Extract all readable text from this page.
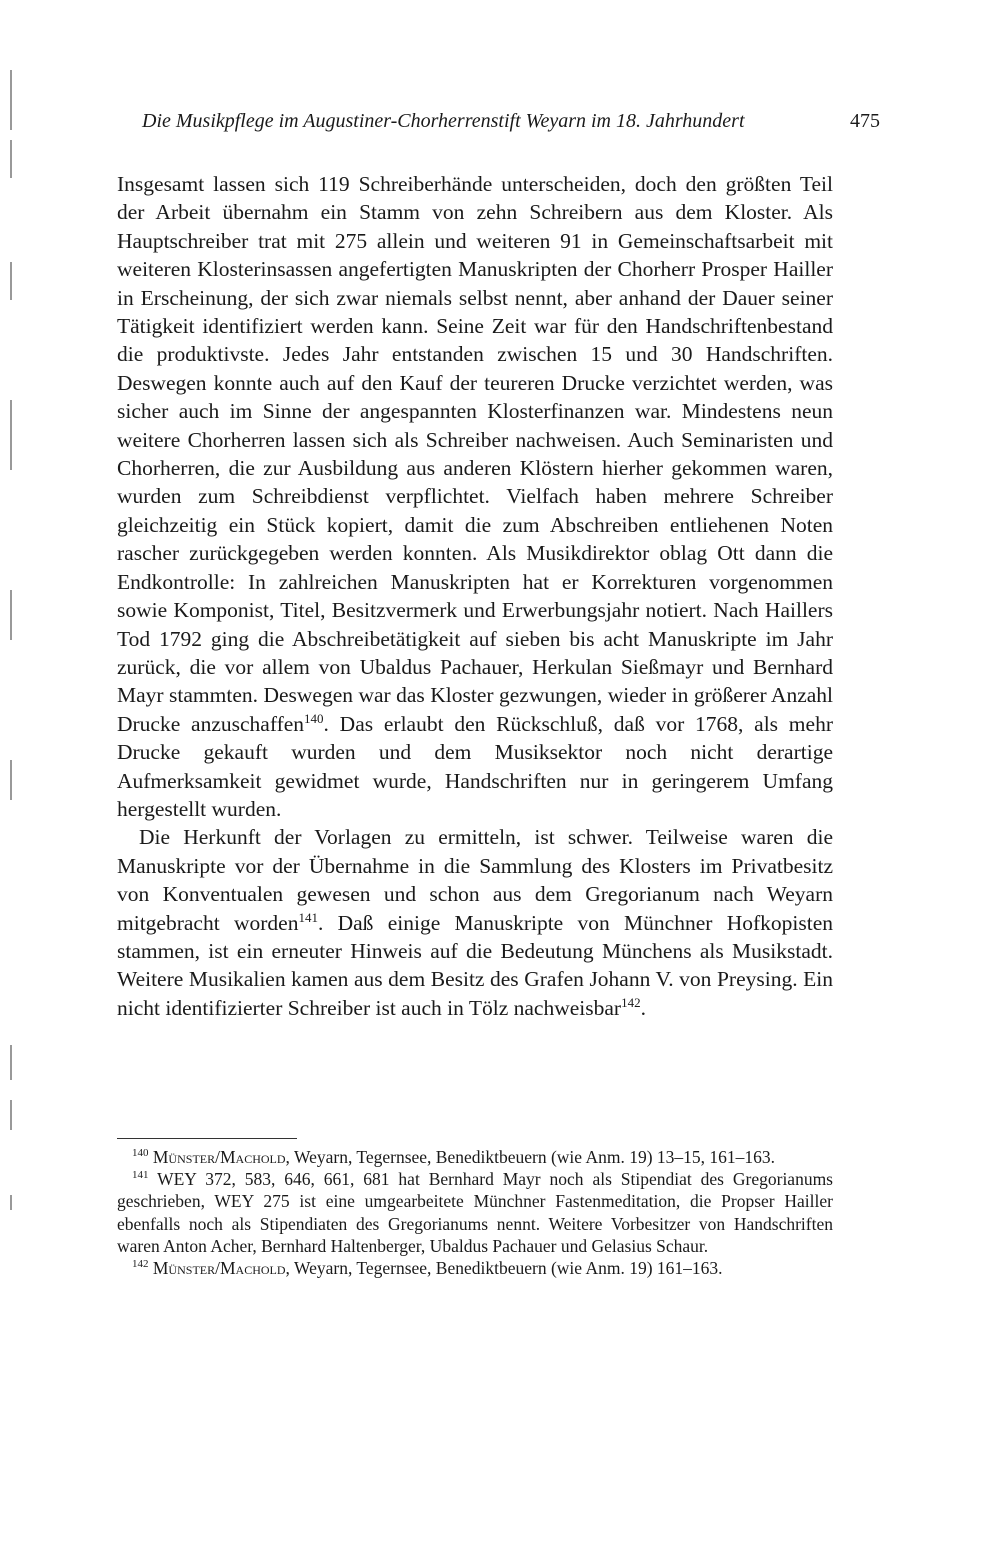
Die Musikpflege im Augustiner-Chorherrenstift Weyarn im 18. Jahrhundert	475

Insgesamt lassen sich 119 Schreiberhände unterscheiden, doch den größten Teil der Arbeit übernahm ein Stamm von zehn Schreibern aus dem Kloster. Als Hauptschreiber trat mit 275 allein und weiteren 91 in Gemeinschaftsarbeit mit weiteren Klosterinsassen angefertigten Manuskripten der Chorherr Prosper Hailler in Erscheinung, der sich zwar niemals selbst nennt, aber anhand der Dauer seiner Tätigkeit identifiziert werden kann. Seine Zeit war für den Handschriftenbestand die produktivste. Jedes Jahr entstanden zwischen 15 und 30 Handschriften. Deswegen konnte auch auf den Kauf der teureren Drucke verzichtet werden, was sicher auch im Sinne der angespannten Klosterfinanzen war. Mindestens neun weitere Chorherren lassen sich als Schreiber nachweisen. Auch Seminaristen und Chorherren, die zur Ausbildung aus anderen Klöstern hierher gekommen waren, wurden zum Schreibdienst verpflichtet. Vielfach haben mehrere Schreiber gleichzeitig ein Stück kopiert, damit die zum Abschreiben entliehenen Noten rascher zurückgegeben werden konnten. Als Musikdirektor oblag Ott dann die Endkontrolle: In zahlreichen Manuskripten hat er Korrekturen vorgenommen sowie Komponist, Titel, Besitzvermerk und Erwerbungsjahr notiert. Nach Haillers Tod 1792 ging die Abschreibetätigkeit auf sieben bis acht Manuskripte im Jahr zurück, die vor allem von Ubaldus Pachauer, Herkulan Sießmayr und Bernhard Mayr stammten. Deswegen war das Kloster gezwungen, wieder in größerer Anzahl Drucke anzuschaffen$^{140}$. Das erlaubt den Rückschluß, daß vor 1768, als mehr Drucke gekauft wurden und dem Musiksektor noch nicht derartige Aufmerksamkeit gewidmet wurde, Handschriften nur in geringerem Umfang hergestellt wurden.

Die Herkunft der Vorlagen zu ermitteln, ist schwer. Teilweise waren die Manuskripte vor der Übernahme in die Sammlung des Klosters im Privatbesitz von Konventualen gewesen und schon aus dem Gregorianum nach Weyarn mitgebracht worden$^{141}$. Daß einige Manuskripte von Münchner Hofkopisten stammen, ist ein erneuter Hinweis auf die Bedeutung Münchens als Musikstadt. Weitere Musikalien kamen aus dem Besitz des Grafen Johann V. von Preysing. Ein nicht identifizierter Schreiber ist auch in Tölz nachweisbar$^{142}$.

$^{140}$ Münster/Machold, Weyarn, Tegernsee, Benediktbeuern (wie Anm. 19) 13–15, 161–163.

$^{141}$ WEY 372, 583, 646, 661, 681 hat Bernhard Mayr noch als Stipendiat des Gregorianums geschrieben, WEY 275 ist eine umgearbeitete Münchner Fastenmeditation, die Propser Hailler ebenfalls noch als Stipendiaten des Gregorianums nennt. Weitere Vorbesitzer von Handschriften waren Anton Acher, Bernhard Haltenberger, Ubaldus Pachauer und Gelasius Schaur.

$^{142}$ Münster/Machold, Weyarn, Tegernsee, Benediktbeuern (wie Anm. 19) 161–163.
